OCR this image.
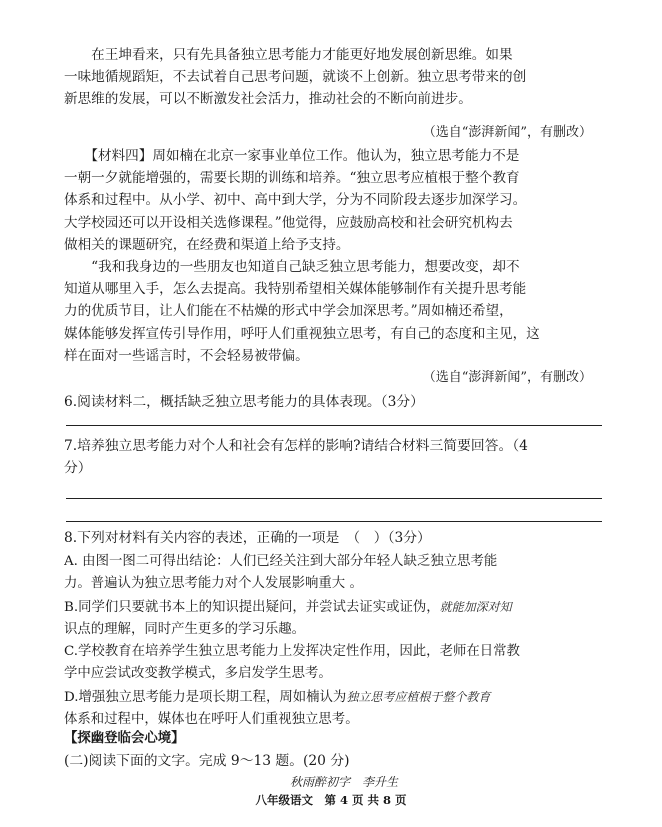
　　在王坤看来，只有先具备独立思考能力才能更好地发展创新思维。如果
一味地循规蹈矩，不去试着自己思考问题，就谈不上创新。独立思考带来的创
新思维的发展，可以不断激发社会活力，推动社会的不断向前进步。
（选自“澎湃新闻”，有删改）
　　【材料四】周如楠在北京一家事业单位工作。他认为，独立思考能力不是
一朝一夕就能增强的，需要长期的训练和培养。“独立思考应植根于整个教育
体系和过程中。从小学、初中、高中到大学，分为不同阶段去逐步加深学习。
大学校园还可以开设相关选修课程。”他觉得，应鼓励高校和社会研究机构去
做相关的课题研究，在经费和渠道上给予支持。
　　“我和我身边的一些朋友也知道自己缺乏独立思考能力，想要改变，却不
知道从哪里入手，怎么去提高。我特别希望相关媒体能够制作有关提升思考能
力的优质节目，让人们能在不枯燥的形式中学会加深思考。”周如楠还希望，
媒体能够发挥宣传引导作用，呼吁人们重视独立思考，有自己的态度和主见，这
样在面对一些谣言时，不会轻易被带偏。
（选自“澎湃新闻”，有删改）
6.阅读材料二，概括缺乏独立思考能力的具体表现。（3分）
7.培养独立思考能力对个人和社会有怎样的影响?请结合材料三简要回答。（4
分）
8.下列对材料有关内容的表述，正确的一项是　（　）（3分）
A. 由图一图二可得出结论：人们已经关注到大部分年轻人缺乏独立思考能
力。普遍认为独立思考能力对个人发展影响重大 。
B.同学们只要就书本上的知识提出疑问，并尝试去证实或证伪，就能加深对知
识点的理解，同时产生更多的学习乐趣。
C.学校教育在培养学生独立思考能力上发挥决定性作用，因此，老师在日常教
学中应尝试改变教学模式，多启发学生思考。
D.增强独立思考能力是项长期工程，周如楠认为独立思考应植根于整个教育
体系和过程中，媒体也在呼吁人们重视独立思考。
【探幽登临会心境】
(二)阅读下面的文字。完成 9～13 题。(20 分)
秋雨醉初字　李升生
八年级语文　第 4 页 共 8 页
